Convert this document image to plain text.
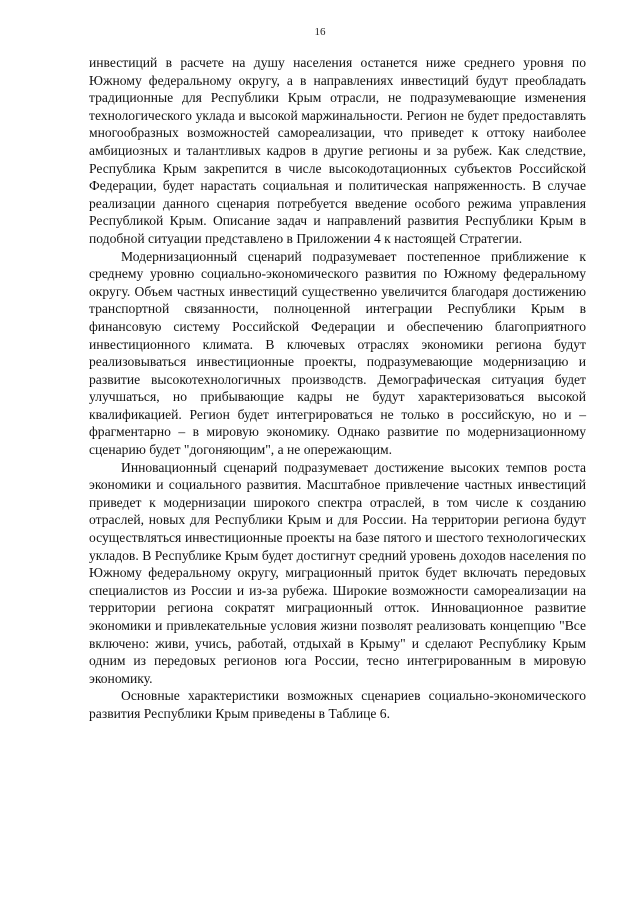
16

инвестиций в расчете на душу населения останется ниже среднего уровня по Южному федеральному округу, а в направлениях инвестиций будут преобладать традиционные для Республики Крым отрасли, не подразумевающие изменения технологического уклада и высокой маржинальности. Регион не будет предоставлять многообразных возможностей самореализации, что приведет к оттоку наиболее амбициозных и талантливых кадров в другие регионы и за рубеж. Как следствие, Республика Крым закрепится в числе высокодотационных субъектов Российской Федерации, будет нарастать социальная и политическая напряженность. В случае реализации данного сценария потребуется введение особого режима управления Республикой Крым. Описание задач и направлений развития Республики Крым в подобной ситуации представлено в Приложении 4 к настоящей Стратегии.

Модернизационный сценарий подразумевает постепенное приближение к среднему уровню социально-экономического развития по Южному федеральному округу. Объем частных инвестиций существенно увеличится благодаря достижению транспортной связанности, полноценной интеграции Республики Крым в финансовую систему Российской Федерации и обеспечению благоприятного инвестиционного климата. В ключевых отраслях экономики региона будут реализовываться инвестиционные проекты, подразумевающие модернизацию и развитие высокотехнологичных производств. Демографическая ситуация будет улучшаться, но прибывающие кадры не будут характеризоваться высокой квалификацией. Регион будет интегрироваться не только в российскую, но и – фрагментарно – в мировую экономику. Однако развитие по модернизационному сценарию будет "догоняющим", а не опережающим.

Инновационный сценарий подразумевает достижение высоких темпов роста экономики и социального развития. Масштабное привлечение частных инвестиций приведет к модернизации широкого спектра отраслей, в том числе к созданию отраслей, новых для Республики Крым и для России. На территории региона будут осуществляться инвестиционные проекты на базе пятого и шестого технологических укладов. В Республике Крым будет достигнут средний уровень доходов населения по Южному федеральному округу, миграционный приток будет включать передовых специалистов из России и из-за рубежа. Широкие возможности самореализации на территории региона сократят миграционный отток. Инновационное развитие экономики и привлекательные условия жизни позволят реализовать концепцию "Все включено: живи, учись, работай, отдыхай в Крыму" и сделают Республику Крым одним из передовых регионов юга России, тесно интегрированным в мировую экономику.

Основные характеристики возможных сценариев социально-экономического развития Республики Крым приведены в Таблице 6.
